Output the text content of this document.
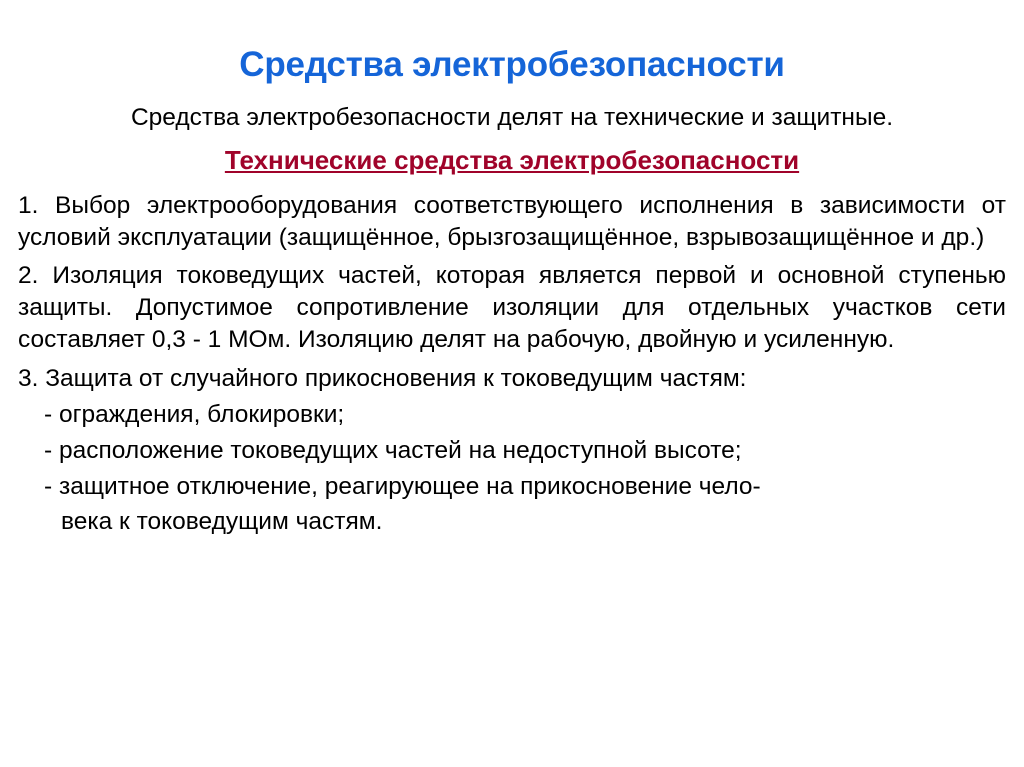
Средства электробезопасности

Средства электробезопасности делят на технические и защитные.

Технические средства электробезопасности

1. Выбор электрооборудования соответствующего исполнения в зависимости от условий эксплуатации (защищённое, брызгозащищённое, взрывозащищённое и др.)

2. Изоляция токоведущих частей, которая является первой и основной ступенью защиты. Допустимое сопротивление изоляции для отдельных участков сети составляет 0,3 - 1 МОм. Изоляцию делят на рабочую, двойную и усиленную.

3. Защита от случайного прикосновения к токоведущим частям:

- ограждения, блокировки;

- расположение токоведущих частей на недоступной высоте;

- защитное отключение, реагирующее на прикосновение чело-

века к токоведущим частям.
